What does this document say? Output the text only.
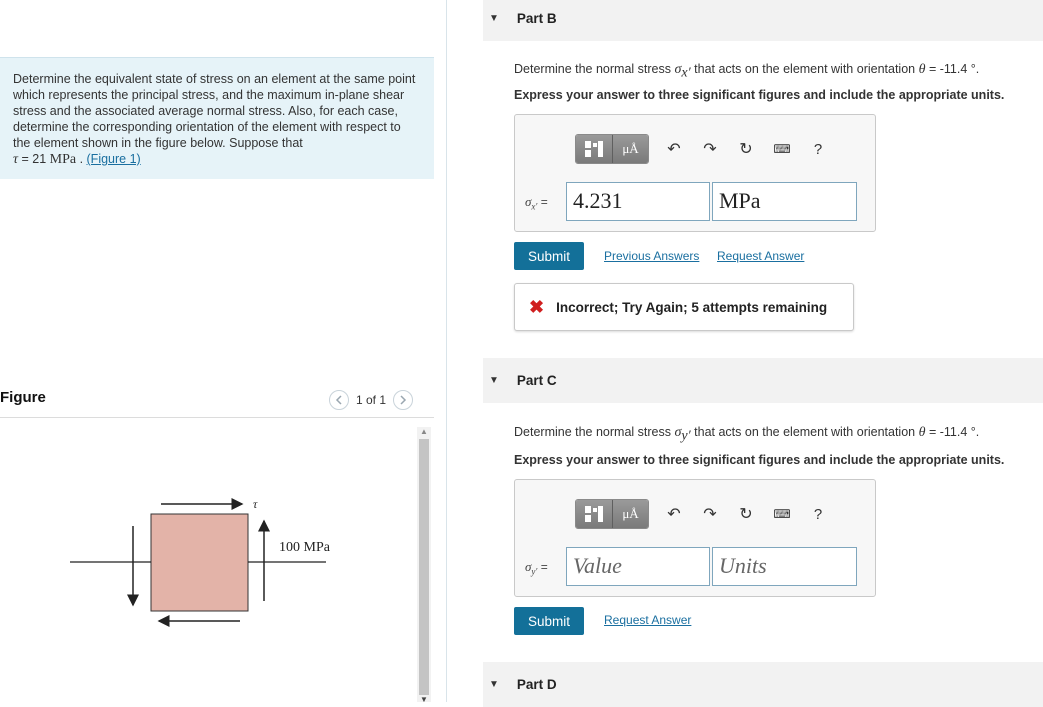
Determine the equivalent state of stress on an element at the same point which represents the principal stress, and the maximum in-plane shear stress and the associated average normal stress. Also, for each case, determine the corresponding orientation of the element with respect to the element shown in the figure below. Suppose that
τ = 21 MPa . (Figure 1)
Figure	1 of 1
τ
100 MPa
▲
▼
▼ Part B
Determine the normal stress $\sigma_{x'}$ that acts on the element with orientation θ = -11.4 °.
Express your answer to three significant figures and include the appropriate units.
μÅ	↶ ↷ ↻	⌨	?
$\sigma_{x'}$ =	4.231	MPa
Submit	Previous Answers Request Answer
✖ Incorrect; Try Again; 5 attempts remaining
▼ Part C
Determine the normal stress $\sigma_{y'}$ that acts on the element with orientation θ = -11.4 °.
Express your answer to three significant figures and include the appropriate units.
μÅ	↶ ↷ ↻	⌨	?
$\sigma_{y'}$ =	Value	Units
Submit	Request Answer
▼ Part D
